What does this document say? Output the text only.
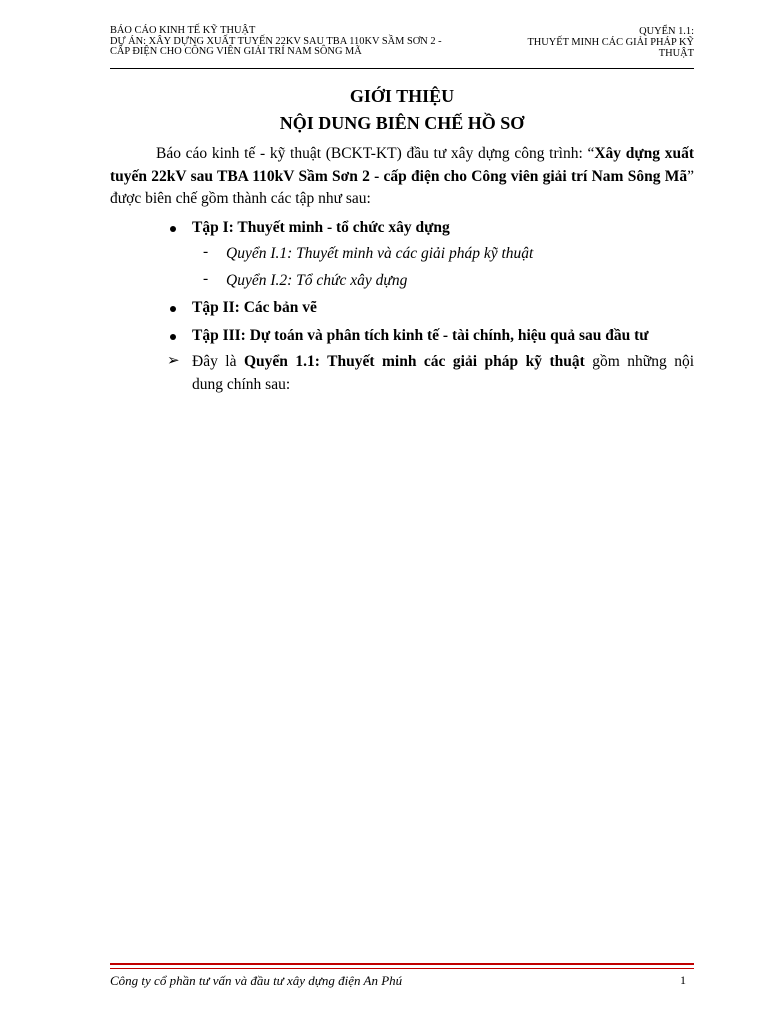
BÁO CÁO KINH TẾ KỸ THUẬT
DỰ ÁN: XÂY DỰNG XUẤT TUYẾN 22KV SAU TBA 110KV SẦM SƠN 2 -
CẤP ĐIỆN CHO CÔNG VIÊN GIẢI TRÍ NAM SÔNG MÃ
QUYỂN 1.1:
THUYẾT MINH CÁC GIẢI PHÁP KỸ
THUẬT
GIỚI THIỆU
NỘI DUNG BIÊN CHẾ HỒ SƠ
Báo cáo kinh tế - kỹ thuật (BCKT-KT) đầu tư xây dựng công trình: “Xây dựng xuất tuyến 22kV sau TBA 110kV Sầm Sơn 2 - cấp điện cho Công viên giải trí Nam Sông Mã” được biên chế gồm thành các tập như sau:
Tập I: Thuyết minh - tổ chức xây dựng
- Quyển I.1: Thuyết minh và các giải pháp kỹ thuật
- Quyển I.2: Tổ chức xây dựng
Tập II: Các bản vẽ
Tập III: Dự toán và phân tích kinh tế - tài chính, hiệu quả sau đầu tư
➢ Đây là Quyển 1.1: Thuyết minh các giải pháp kỹ thuật gồm những nội
dung chính sau:
Công ty cổ phần tư vấn và đầu tư xây dựng điện An Phú	1
